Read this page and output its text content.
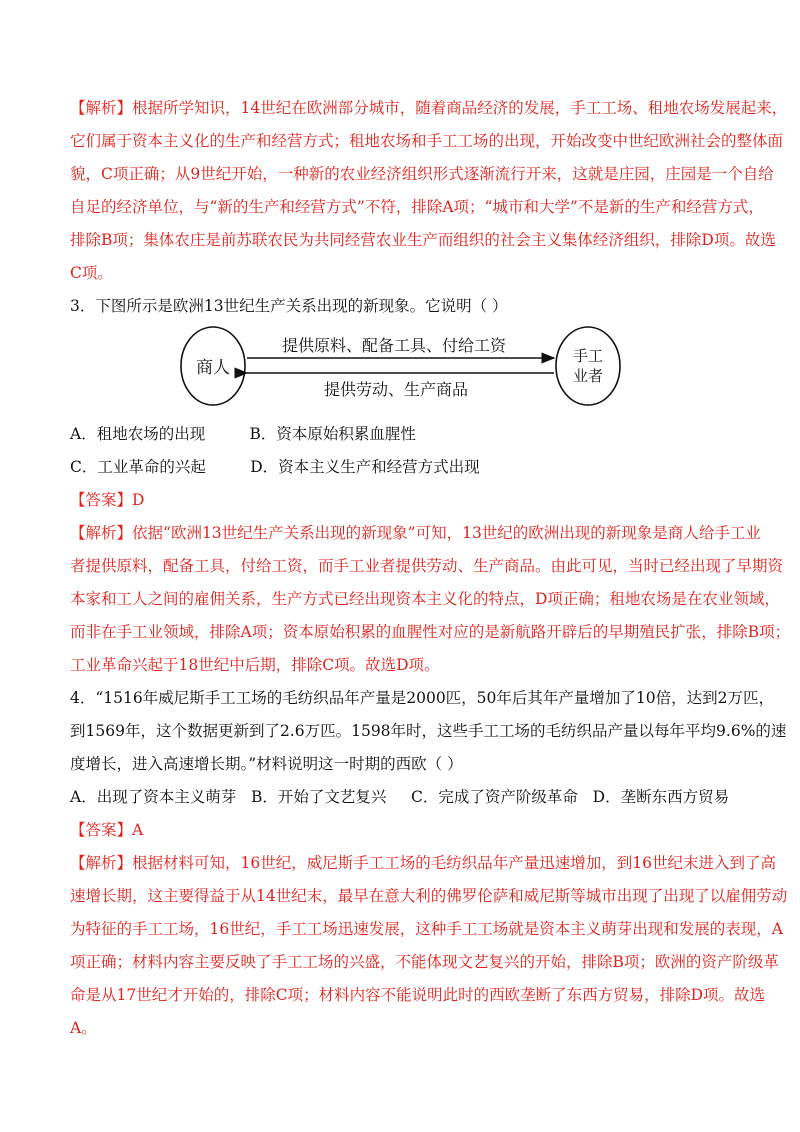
【解析】根据所学知识，14世纪在欧洲部分城市，随着商品经济的发展，手工工场、租地农场发展起来，
它们属于资本主义化的生产和经营方式；租地农场和手工工场的出现，开始改变中世纪欧洲社会的整体面
貌，C项正确；从9世纪开始，一种新的农业经济组织形式逐渐流行开来，这就是庄园，庄园是一个自给
自足的经济单位，与“新的生产和经营方式”不符，排除A项；“城市和大学”不是新的生产和经营方式，
排除B项；集体农庄是前苏联农民为共同经营农业生产而组织的社会主义集体经济组织，排除D项。故选
C项。
3．下图所示是欧洲13世纪生产关系出现的新现象。它说明（ ）
商人
手工
业者
提供原料、配备工具、付给工资
提供劳动、生产商品
A．租地农场的出现         B．资本原始积累血腥性
C．工业革命的兴起         D．资本主义生产和经营方式出现
【答案】D
【解析】依据“欧洲13世纪生产关系出现的新现象”可知，13世纪的欧洲出现的新现象是商人给手工业
者提供原料，配备工具，付给工资，而手工业者提供劳动、生产商品。由此可见，当时已经出现了早期资
本家和工人之间的雇佣关系，生产方式已经出现资本主义化的特点，D项正确；租地农场是在农业领域，
而非在手工业领域，排除A项；资本原始积累的血腥性对应的是新航路开辟后的早期殖民扩张，排除B项；
工业革命兴起于18世纪中后期，排除C项。故选D项。
4．“1516年威尼斯手工工场的毛纺织品年产量是2000匹，50年后其年产量增加了10倍，达到2万匹，
到1569年，这个数据更新到了2.6万匹。1598年时，这些手工工场的毛纺织品产量以每年平均9.6%的速
度增长，进入高速增长期。”材料说明这一时期的西欧（ ）
A．出现了资本主义萌芽   B．开始了文艺复兴     C．完成了资产阶级革命   D．垄断东西方贸易
【答案】A
【解析】根据材料可知，16世纪，威尼斯手工工场的毛纺织品年产量迅速增加，到16世纪末进入到了高
速增长期，这主要得益于从14世纪末，最早在意大利的佛罗伦萨和威尼斯等城市出现了出现了以雇佣劳动
为特征的手工工场，16世纪，手工工场迅速发展，这种手工工场就是资本主义萌芽出现和发展的表现，A
项正确；材料内容主要反映了手工工场的兴盛，不能体现文艺复兴的开始，排除B项；欧洲的资产阶级革
命是从17世纪才开始的，排除C项；材料内容不能说明此时的西欧垄断了东西方贸易，排除D项。故选
A。
